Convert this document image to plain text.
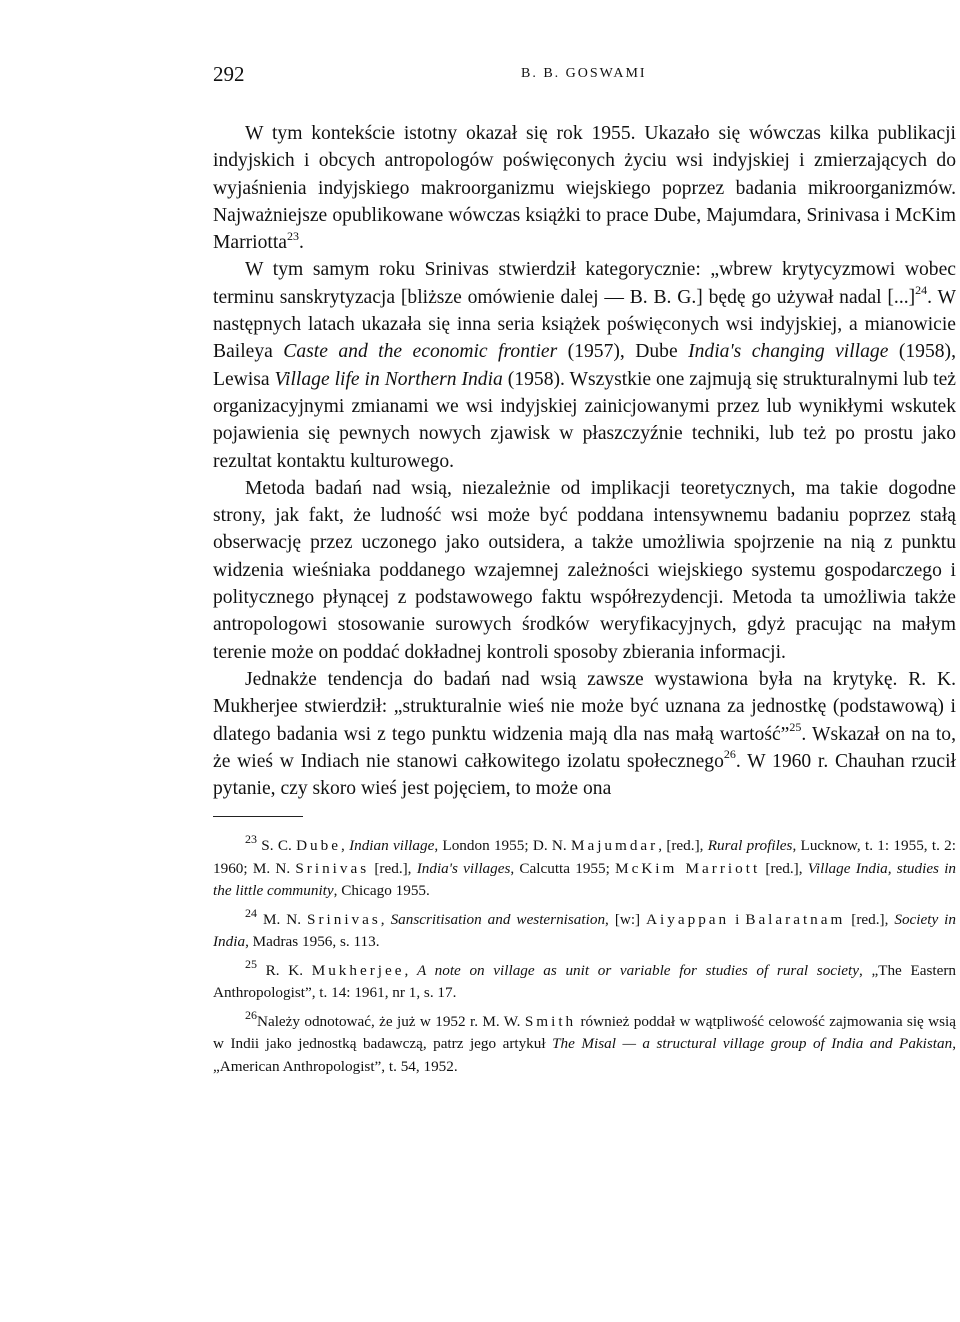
292	B. B. GOSWAMI

W tym kontekście istotny okazał się rok 1955. Ukazało się wówczas kilka publikacji indyjskich i obcych antropologów poświęconych życiu wsi indyjskiej i zmierzających do wyjaśnienia indyjskiego makroorganizmu wiejskiego poprzez badania mikroorganizmów. Najważniejsze opublikowane wówczas książki to prace Dube, Majumdara, Srinivasa i McKim Marriotta$^{23}$.

W tym samym roku Srinivas stwierdził kategorycznie: „wbrew krytycyzmowi wobec terminu sanskrytyzacja [bliższe omówienie dalej — B. B. G.] będę go używał nadal [...]$^{24}$. W następnych latach ukazała się inna seria książek poświęconych wsi indyjskiej, a mianowicie Baileya Caste and the economic frontier (1957), Dube India's changing village (1958), Lewisa Village life in Northern India (1958). Wszystkie one zajmują się strukturalnymi lub też organizacyjnymi zmianami we wsi indyjskiej zainicjowanymi przez lub wynikłymi wskutek pojawienia się pewnych nowych zjawisk w płaszczyźnie techniki, lub też po prostu jako rezultat kontaktu kulturowego.

Metoda badań nad wsią, niezależnie od implikacji teoretycznych, ma takie dogodne strony, jak fakt, że ludność wsi może być poddana intensywnemu badaniu poprzez stałą obserwację przez uczonego jako outsidera, a także umożliwia spojrzenie na nią z punktu widzenia wieśniaka poddanego wzajemnej zależności wiejskiego systemu gospodarczego i politycznego płynącej z podstawowego faktu współrezydencji. Metoda ta umożliwia także antropologowi stosowanie surowych środków weryfikacyjnych, gdyż pracując na małym terenie może on poddać dokładnej kontroli sposoby zbierania informacji.

Jednakże tendencja do badań nad wsią zawsze wystawiona była na krytykę. R. K. Mukherjee stwierdził: „strukturalnie wieś nie może być uznana za jednostkę (podstawową) i dlatego badania wsi z tego punktu widzenia mają dla nas małą wartość”$^{25}$. Wskazał on na to, że wieś w Indiach nie stanowi całkowitego izolatu społecznego$^{26}$. W 1960 r. Chauhan rzucił pytanie, czy skoro wieś jest pojęciem, to może ona

$^{23}$ S. C. Dube, Indian village, London 1955; D. N. Majumdar, [red.], Rural profiles, Lucknow, t. 1: 1955, t. 2: 1960; M. N. Srinivas [red.], India's villages, Calcutta 1955; McKim Marriott [red.], Village India, studies in the little community, Chicago 1955.

$^{24}$ M. N. Srinivas, Sanscritisation and westernisation, [w:] Aiyappan i Balaratnam [red.], Society in India, Madras 1956, s. 113.

$^{25}$ R. K. Mukherjee, A note on village as unit or variable for studies of rural society, „The Eastern Anthropologist”, t. 14: 1961, nr 1, s. 17.

$^{26}$Należy odnotować, że już w 1952 r. M. W. Smith również poddał w wątpliwość celowość zajmowania się wsią w Indii jako jednostką badawczą, patrz jego artykuł The Misal — a structural village group of India and Pakistan, „American Anthropologist”, t. 54, 1952.
